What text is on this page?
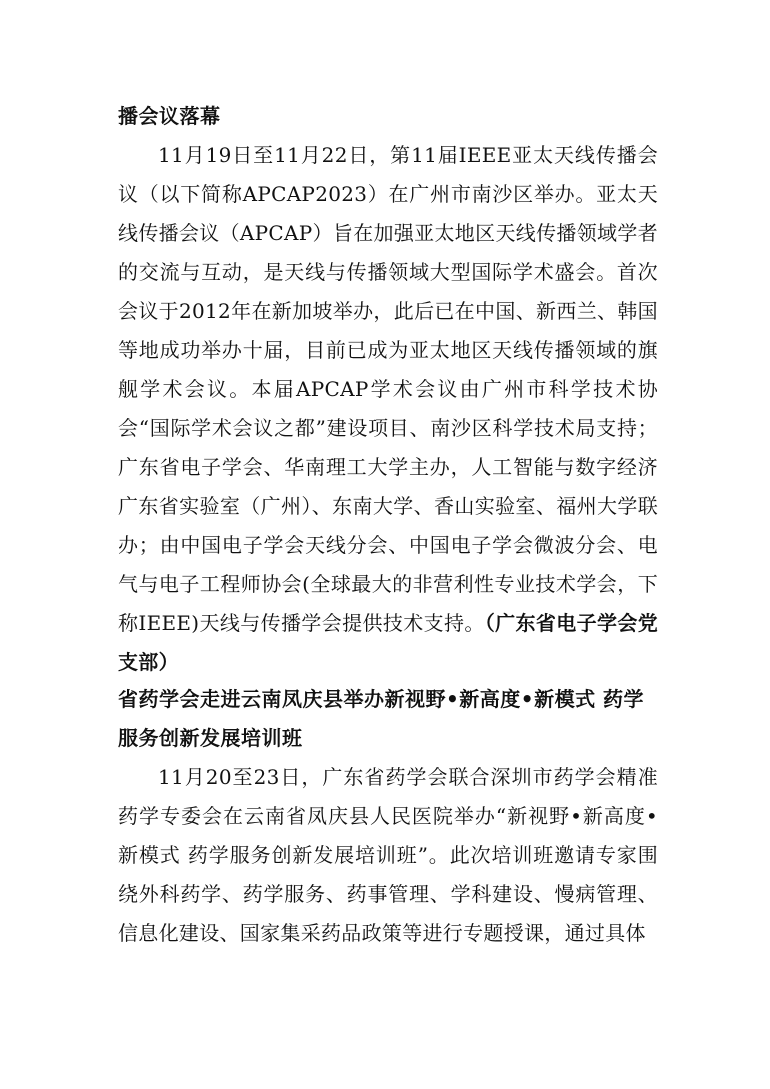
播会议落幕

11月19日至11月22日，第11届IEEE亚太天线传播会议（以下简称APCAP2023）在广州市南沙区举办。亚太天线传播会议（APCAP）旨在加强亚太地区天线传播领域学者的交流与互动，是天线与传播领域大型国际学术盛会。首次会议于2012年在新加坡举办，此后已在中国、新西兰、韩国等地成功举办十届，目前已成为亚太地区天线传播领域的旗舰学术会议。本届APCAP学术会议由广州市科学技术协会“国际学术会议之都”建设项目、南沙区科学技术局支持；广东省电子学会、华南理工大学主办，人工智能与数字经济广东省实验室（广州）、东南大学、香山实验室、福州大学联办；由中国电子学会天线分会、中国电子学会微波分会、电气与电子工程师协会(全球最大的非营利性专业技术学会，下称IEEE)天线与传播学会提供技术支持。（广东省电子学会党支部）

省药学会走进云南凤庆县举办新视野•新高度•新模式 药学服务创新发展培训班

11月20至23日，广东省药学会联合深圳市药学会精准药学专委会在云南省凤庆县人民医院举办“新视野•新高度•新模式 药学服务创新发展培训班”。此次培训班邀请专家围绕外科药学、药学服务、药事管理、学科建设、慢病管理、信息化建设、国家集采药品政策等进行专题授课，通过具体
